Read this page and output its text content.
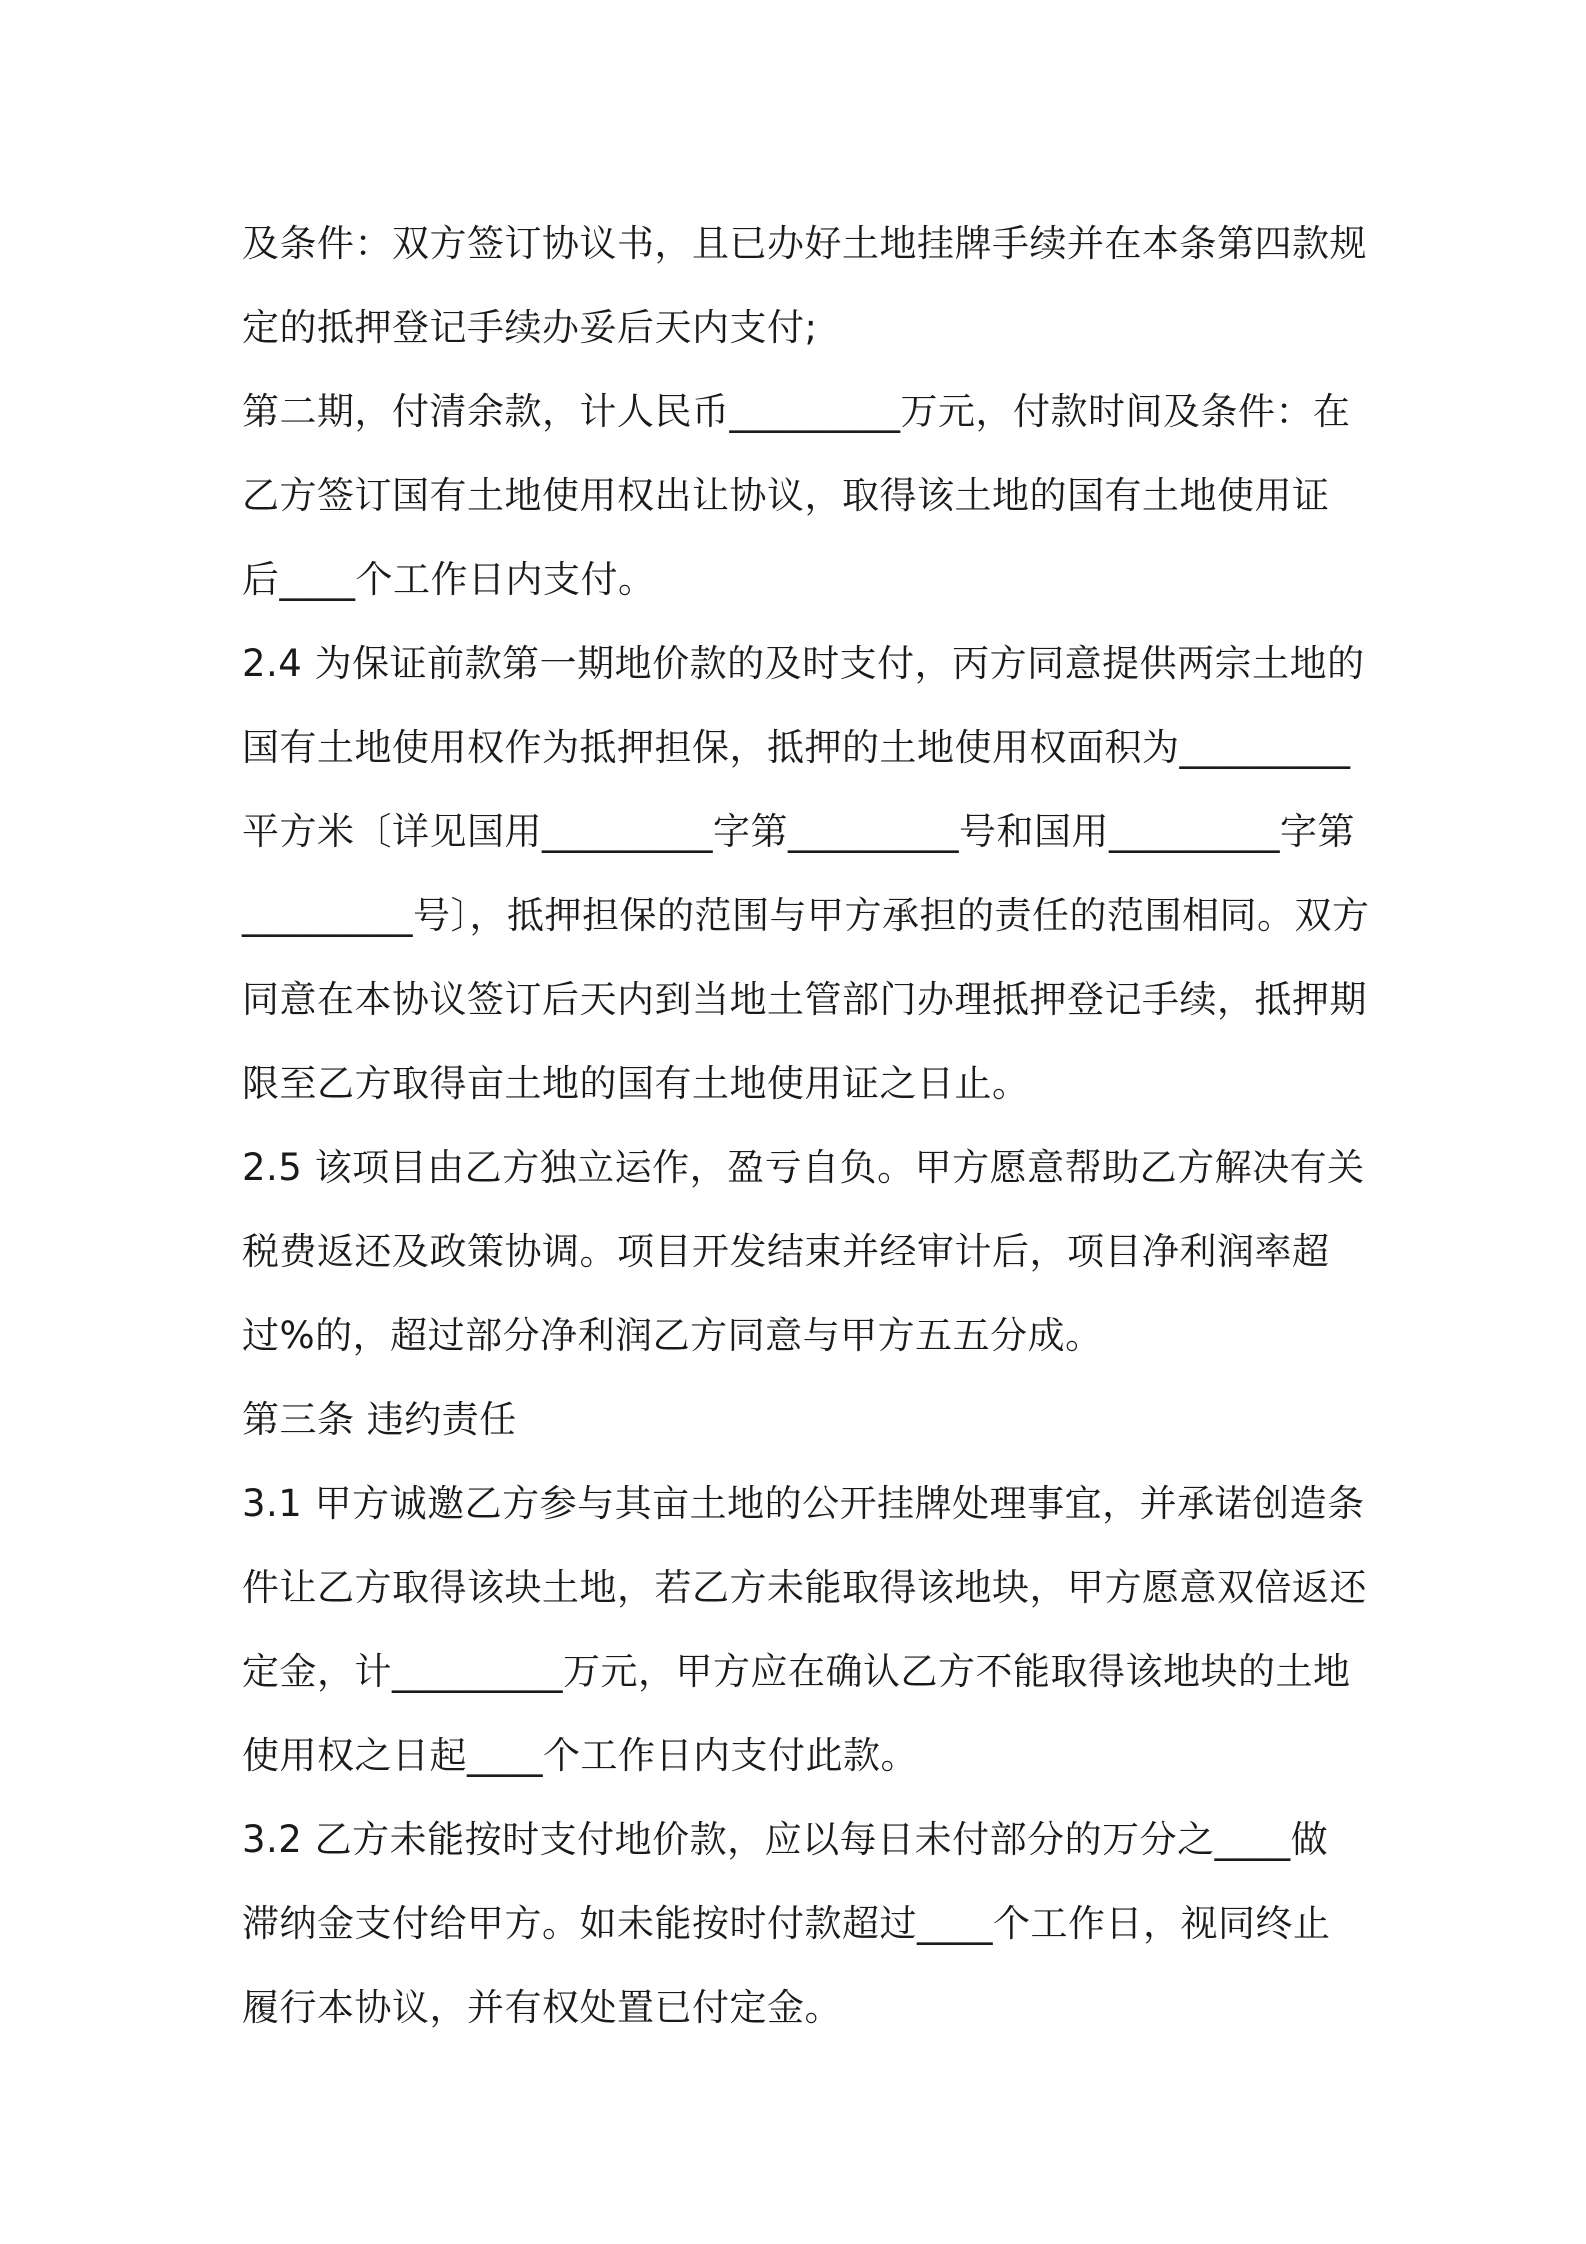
及条件：双方签订协议书，且已办好土地挂牌手续并在本条第四款规
定的抵押登记手续办妥后天内支付;
第二期，付清余款，计人民币_________万元，付款时间及条件：在
乙方签订国有土地使用权出让协议，取得该土地的国有土地使用证
后____个工作日内支付。
2.4 为保证前款第一期地价款的及时支付，丙方同意提供两宗土地的
国有土地使用权作为抵押担保，抵押的土地使用权面积为_________
平方米〔详见国用_________字第_________号和国用_________字第
_________号〕，抵押担保的范围与甲方承担的责任的范围相同。双方
同意在本协议签订后天内到当地土管部门办理抵押登记手续，抵押期
限至乙方取得亩土地的国有土地使用证之日止。
2.5 该项目由乙方独立运作，盈亏自负。甲方愿意帮助乙方解决有关
税费返还及政策协调。项目开发结束并经审计后，项目净利润率超
过%的，超过部分净利润乙方同意与甲方五五分成。
第三条 违约责任
3.1 甲方诚邀乙方参与其亩土地的公开挂牌处理事宜，并承诺创造条
件让乙方取得该块土地，若乙方未能取得该地块，甲方愿意双倍返还
定金，计_________万元，甲方应在确认乙方不能取得该地块的土地
使用权之日起____个工作日内支付此款。
3.2 乙方未能按时支付地价款，应以每日未付部分的万分之____做
滞纳金支付给甲方。如未能按时付款超过____个工作日，视同终止
履行本协议，并有权处置已付定金。
